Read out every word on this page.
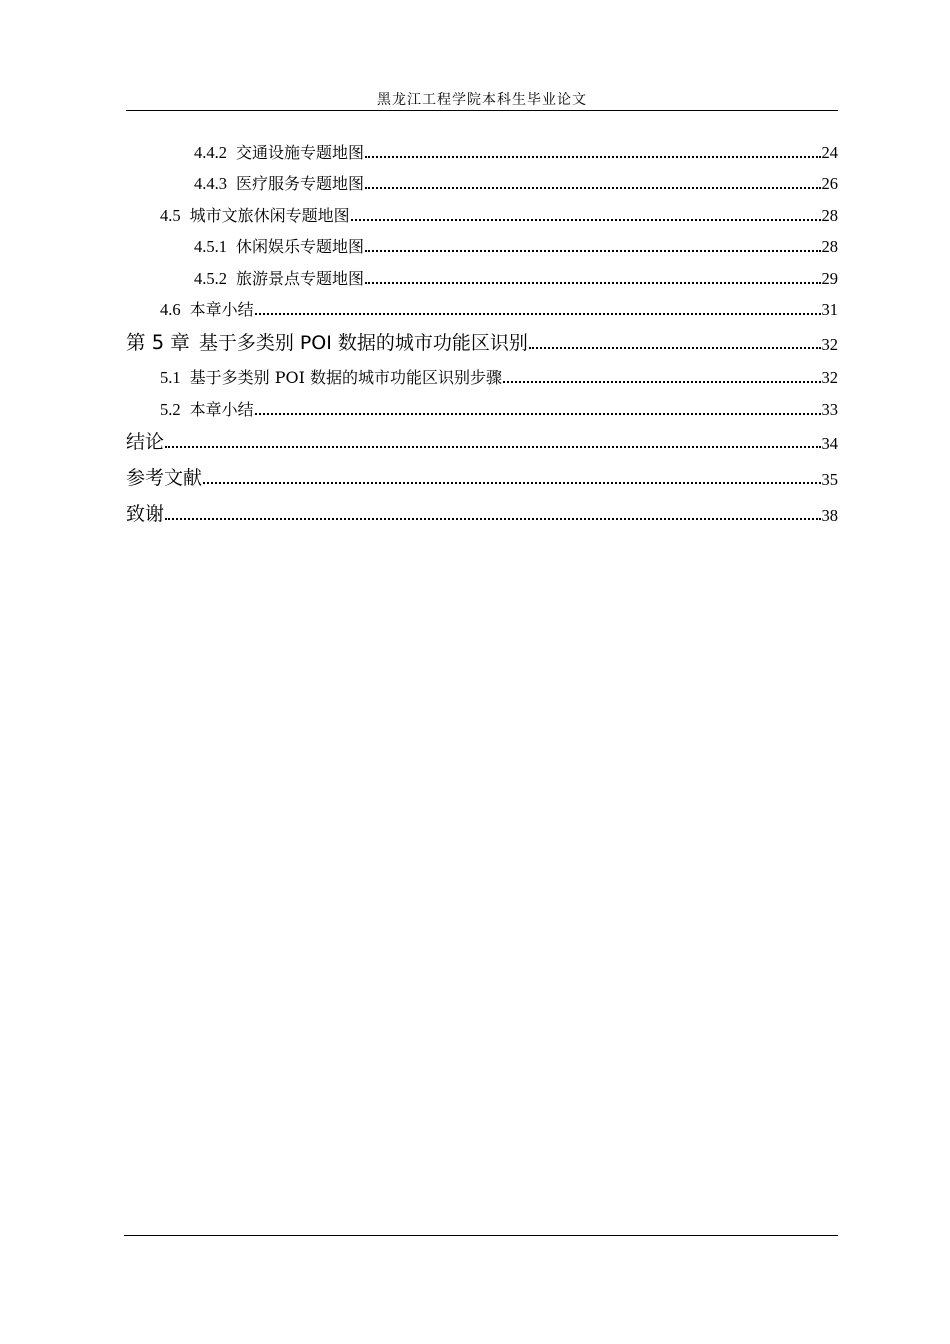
黑龙江工程学院本科生毕业论文
4.4.2 交通设施专题地图	24
4.4.3 医疗服务专题地图	26
4.5 城市文旅休闲专题地图	28
4.5.1 休闲娱乐专题地图	28
4.5.2 旅游景点专题地图	29
4.6 本章小结	31
第 5 章 基于多类别 POI 数据的城市功能区识别	32
5.1 基于多类别 POI 数据的城市功能区识别步骤	32
5.2 本章小结	33
结论	34
参考文献	35
致谢	38
